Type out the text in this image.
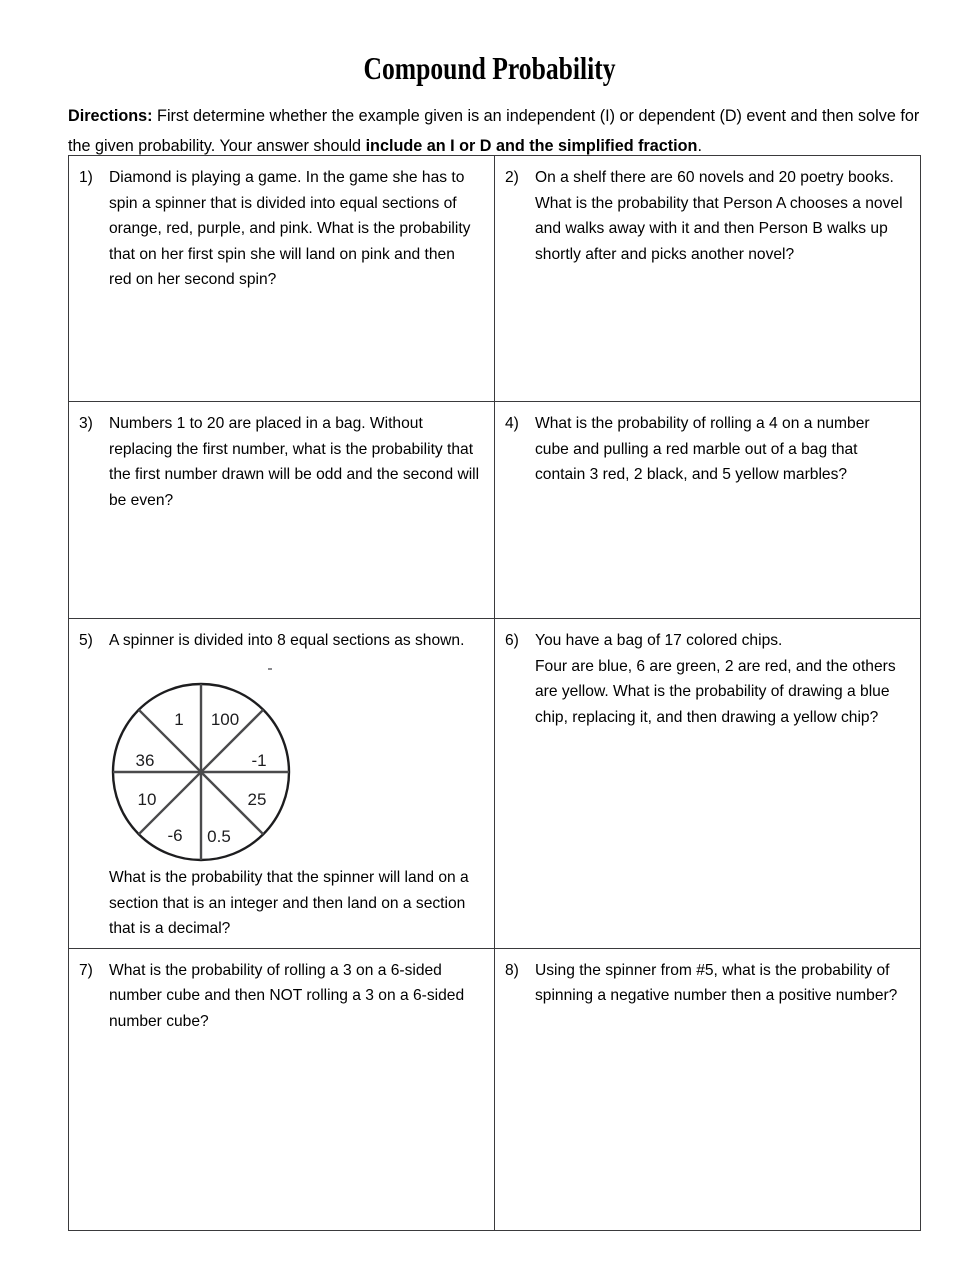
Compound Probability
Directions: First determine whether the example given is an independent (I) or dependent (D) event and then solve for the given probability. Your answer should include an I or D and the simplified fraction.
1) Diamond is playing a game. In the game she has to spin a spinner that is divided into equal sections of orange, red, purple, and pink. What is the probability that on her first spin she will land on pink and then red on her second spin?	2) On a shelf there are 60 novels and 20 poetry books. What is the probability that Person A chooses a novel and walks away with it and then Person B walks up shortly after and picks another novel?

3) Numbers 1 to 20 are placed in a bag. Without replacing the first number, what is the probability that the first number drawn will be odd and the second will be even?	4) What is the probability of rolling a 4 on a number cube and pulling a red marble out of a bag that contain 3 red, 2 black, and 5 yellow marbles?

5)	A spinner is divided into 8 equal sections as shown.

100
-1
25
0.5
-6
10
36
1

What is the probability that the spinner will land on a section that is an integer and then land on a section that is a decimal?

6)	You have a bag of 17 colored chips.

Four are blue, 6 are green, 2 are red, and the others are yellow. What is the probability of drawing a blue chip, replacing it, and then drawing a yellow chip?

7) What is the probability of rolling a 3 on a 6-sided number cube and then NOT rolling a 3 on a 6-sided number cube?	8) Using the spinner from #5, what is the probability of spinning a negative number then a positive number?
